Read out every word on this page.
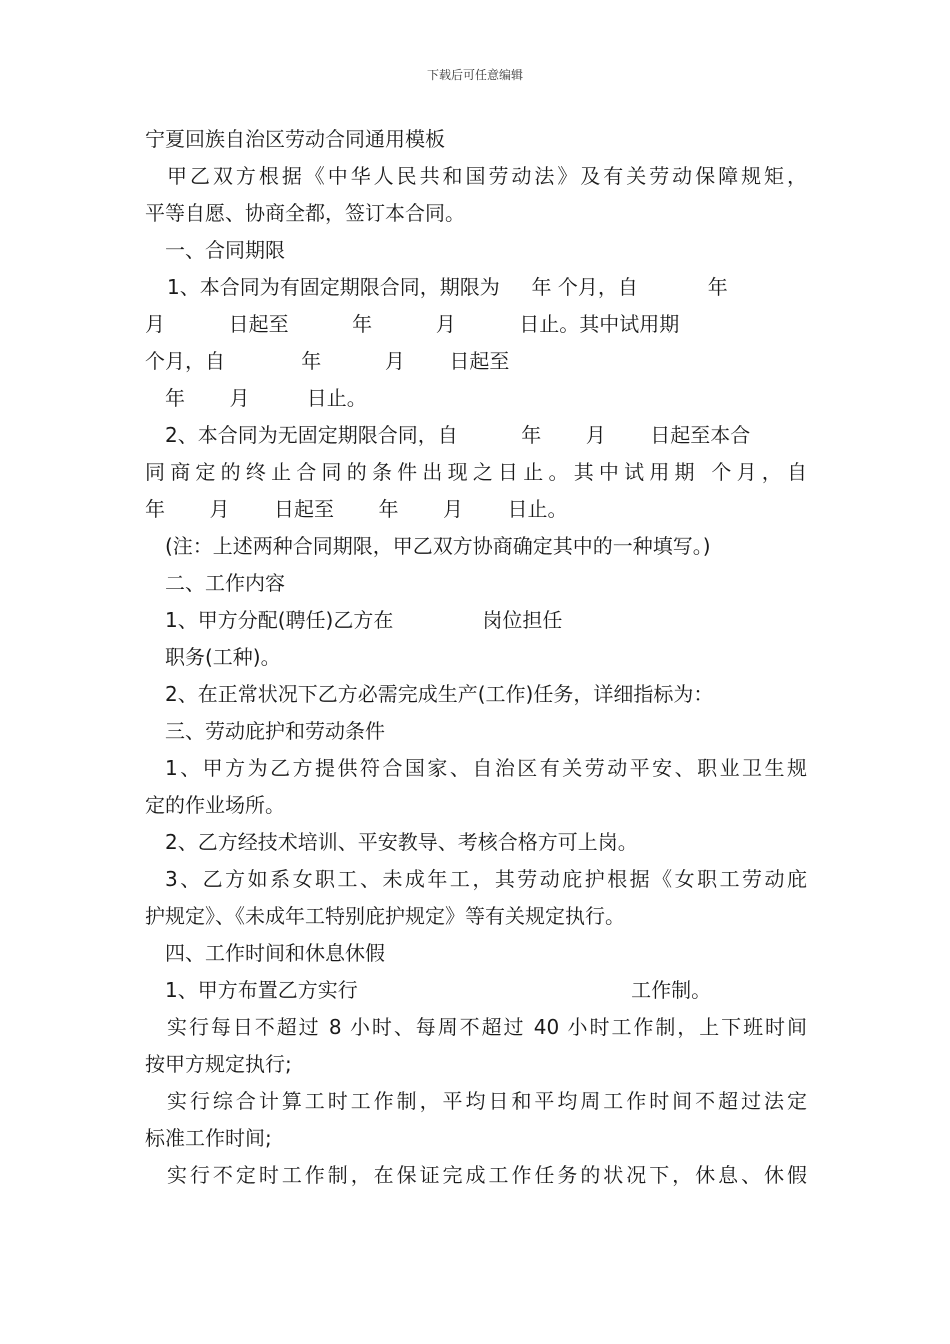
下载后可任意编辑
宁夏回族自治区劳动合同通用模板
甲乙双方根据《中华人民共和国劳动法》及有关劳动保障规矩，
平等自愿、协商全都，签订本合同。
一、合同期限
1、本合同为有固定期限合同，期限为     年 个月，自           年
月          日起至          年          月          日止。其中试用期
个月，自            年          月       日起至
年       月         日止。
2、本合同为无固定期限合同，自          年       月       日起至本合
同商定的终止合同的条件出现之日止。其中试用期 个月，自
年       月       日起至       年       月       日止。
(注：上述两种合同期限，甲乙双方协商确定其中的一种填写。)
二、工作内容
1、甲方分配(聘任)乙方在              岗位担任
职务(工种)。
2、在正常状况下乙方必需完成生产(工作)任务，详细指标为：
三、劳动庇护和劳动条件
1、甲方为乙方提供符合国家、自治区有关劳动平安、职业卫生规
定的作业场所。
2、乙方经技术培训、平安教导、考核合格方可上岗。
3、乙方如系女职工、未成年工，其劳动庇护根据《女职工劳动庇
护规定》、《未成年工特别庇护规定》等有关规定执行。
四、工作时间和休息休假
1、甲方布置乙方实行                                           工作制。
实行每日不超过 8 小时、每周不超过 40 小时工作制，上下班时间
按甲方规定执行;
实行综合计算工时工作制，平均日和平均周工作时间不超过法定
标准工作时间;
实行不定时工作制，在保证完成工作任务的状况下，休息、休假
